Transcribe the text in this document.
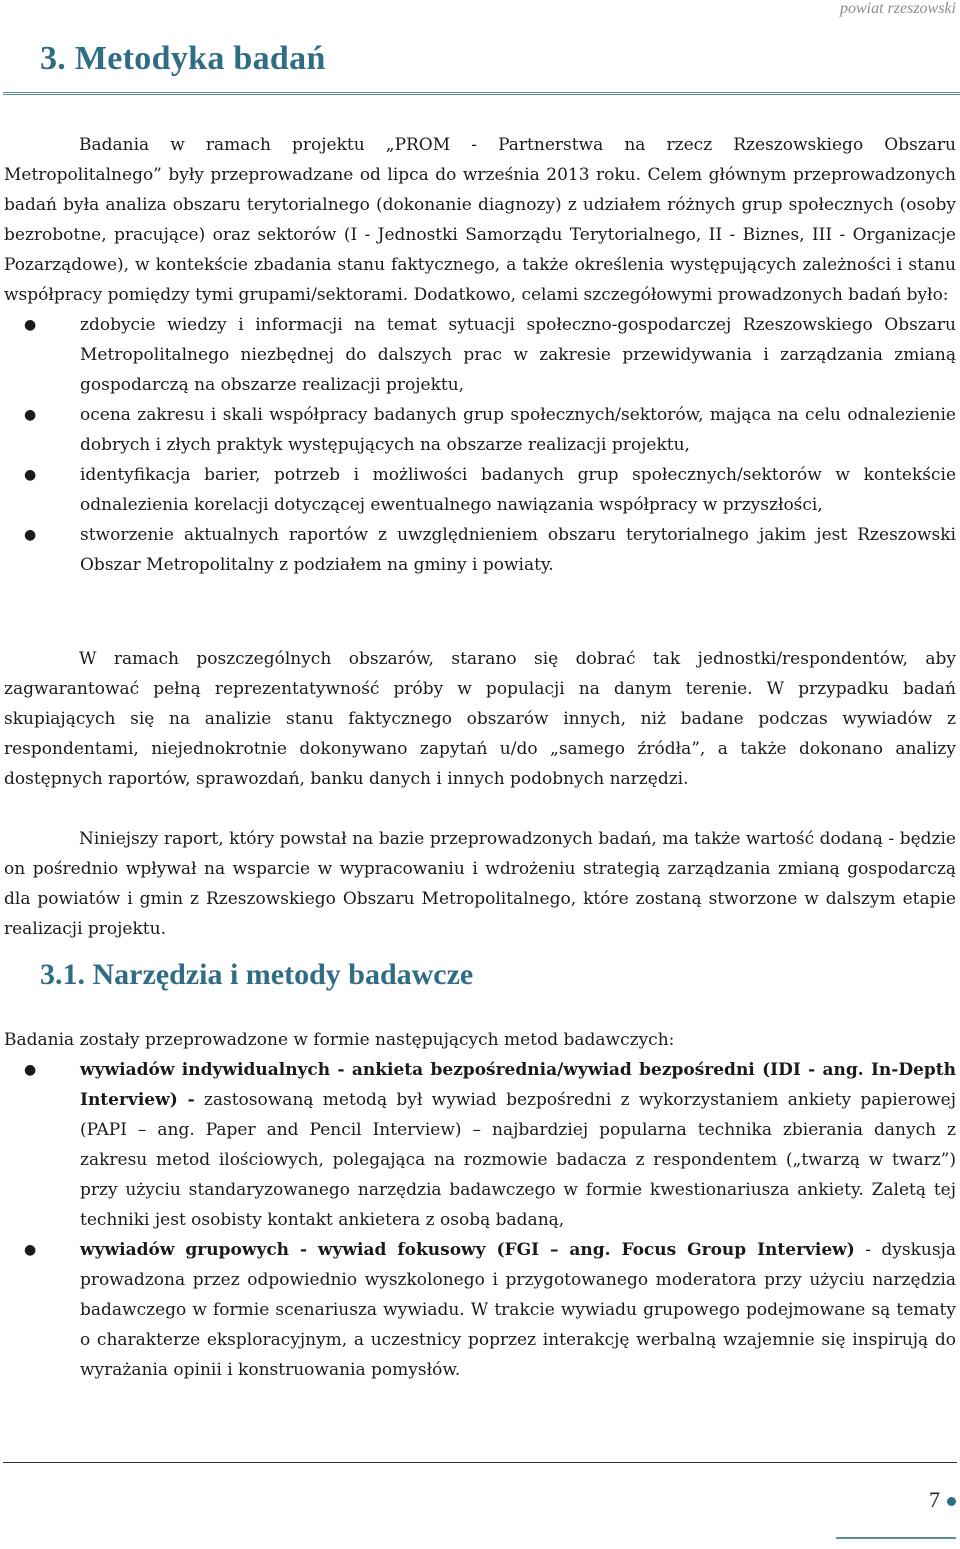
powiat rzeszowski
3. Metodyka badań

Badania w ramach projektu „PROM - Partnerstwa na rzecz Rzeszowskiego Obszaru Metropolitalnego” były przeprowadzane od lipca do września 2013 roku. Celem głównym przeprowadzonych badań była analiza obszaru terytorialnego (dokonanie diagnozy) z udziałem różnych grup społecznych (osoby bezrobotne, pracujące) oraz sektorów (I - Jednostki Samorządu Terytorialnego, II - Biznes, III - Organizacje Pozarządowe), w kontekście zbadania stanu faktycznego, a także określenia występujących zależności i stanu współpracy pomiędzy tymi grupami/sektorami. Dodatkowo, celami szczegółowymi prowadzonych badań było:

●	zdobycie wiedzy i informacji na temat sytuacji społeczno-gospodarczej Rzeszowskiego Obszaru Metropolitalnego niezbędnej do dalszych prac w zakresie przewidywania i zarządzania zmianą gospodarczą na obszarze realizacji projektu,
●	ocena zakresu i skali współpracy badanych grup społecznych/sektorów, mająca na celu odnalezienie dobrych i złych praktyk występujących na obszarze realizacji projektu,
●	identyfikacja barier, potrzeb i możliwości badanych grup społecznych/sektorów w kontekście odnalezienia korelacji dotyczącej ewentualnego nawiązania współpracy w przyszłości,
●	stworzenie aktualnych raportów z uwzględnieniem obszaru terytorialnego jakim jest Rzeszowski Obszar Metropolitalny z podziałem na gminy i powiaty.

W ramach poszczególnych obszarów, starano się dobrać tak jednostki/respondentów, aby zagwarantować pełną reprezentatywność próby w populacji na danym terenie. W przypadku badań skupiających się na analizie stanu faktycznego obszarów innych, niż badane podczas wywiadów z respondentami, niejednokrotnie dokonywano zapytań u/do „samego źródła”, a także dokonano analizy dostępnych raportów, sprawozdań, banku danych i innych podobnych narzędzi.

Niniejszy raport, który powstał na bazie przeprowadzonych badań, ma także wartość dodaną - będzie on pośrednio wpływał na wsparcie w wypracowaniu i wdrożeniu strategią zarządzania zmianą gospodarczą dla powiatów i gmin z Rzeszowskiego Obszaru Metropolitalnego, które zostaną stworzone w dalszym etapie realizacji projektu.

3.1. Narzędzia i metody badawcze

Badania zostały przeprowadzone w formie następujących metod badawczych:

●	wywiadów indywidualnych - ankieta bezpośrednia/wywiad bezpośredni (IDI - ang. In-Depth Interview) - zastosowaną metodą był wywiad bezpośredni z wykorzystaniem ankiety papierowej (PAPI – ang. Paper and Pencil Interview) – najbardziej popularna technika zbierania danych z zakresu metod ilościowych, polegająca na rozmowie badacza z respondentem („twarzą w twarz”) przy użyciu standaryzowanego narzędzia badawczego w formie kwestionariusza ankiety. Zaletą tej techniki jest osobisty kontakt ankietera z osobą badaną,
●	wywiadów grupowych - wywiad fokusowy (FGI – ang. Focus Group Interview) - dyskusja prowadzona przez odpowiednio wyszkolonego i przygotowanego moderatora przy użyciu narzędzia badawczego w formie scenariusza wywiadu. W trakcie wywiadu grupowego podejmowane są tematy o charakterze eksploracyjnym, a uczestnicy poprzez interakcję werbalną wzajemnie się inspirują do wyrażania opinii i konstruowania pomysłów.
7
